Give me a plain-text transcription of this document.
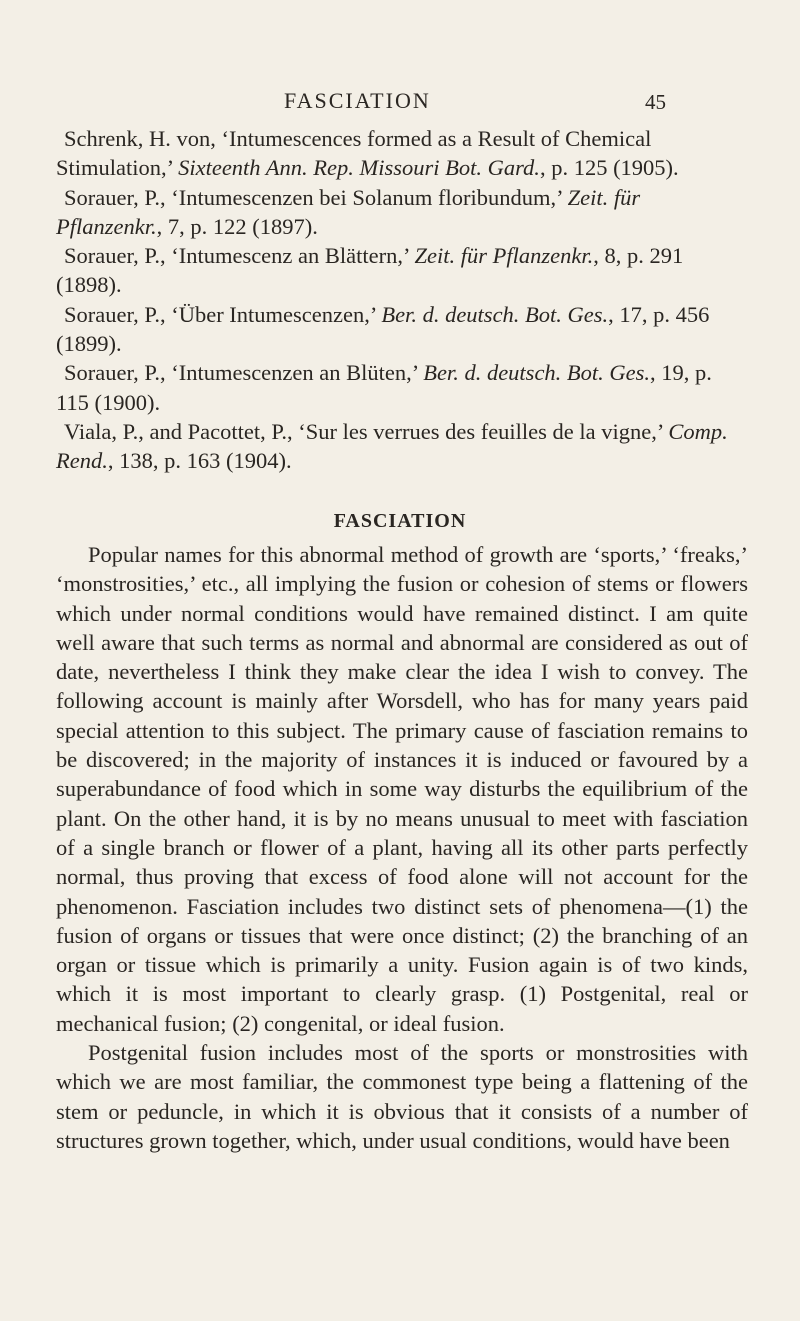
FASCIATION	45

Schrenk, H. von, ‘Intumescences formed as a Result of Chemical Stimulation,’ Sixteenth Ann. Rep. Missouri Bot. Gard., p. 125 (1905).

Sorauer, P., ‘Intumescenzen bei Solanum floribundum,’ Zeit. für Pflanzenkr., 7, p. 122 (1897).

Sorauer, P., ‘Intumescenz an Blättern,’ Zeit. für Pflanzenkr., 8, p. 291 (1898).

Sorauer, P., ‘Über Intumescenzen,’ Ber. d. deutsch. Bot. Ges., 17, p. 456 (1899).

Sorauer, P., ‘Intumescenzen an Blüten,’ Ber. d. deutsch. Bot. Ges., 19, p. 115 (1900).

Viala, P., and Pacottet, P., ‘Sur les verrues des feuilles de la vigne,’ Comp. Rend., 138, p. 163 (1904).

FASCIATION

Popular names for this abnormal method of growth are ‘sports,’ ‘freaks,’ ‘monstrosities,’ etc., all implying the fusion or cohesion of stems or flowers which under normal conditions would have remained distinct. I am quite well aware that such terms as normal and abnormal are considered as out of date, nevertheless I think they make clear the idea I wish to convey. The following account is mainly after Worsdell, who has for many years paid special attention to this subject. The primary cause of fasciation remains to be discovered; in the majority of instances it is induced or favoured by a superabundance of food which in some way disturbs the equilibrium of the plant. On the other hand, it is by no means unusual to meet with fasciation of a single branch or flower of a plant, having all its other parts perfectly normal, thus proving that excess of food alone will not account for the phenomenon. Fasciation includes two distinct sets of phenomena—(1) the fusion of organs or tissues that were once distinct; (2) the branching of an organ or tissue which is primarily a unity. Fusion again is of two kinds, which it is most important to clearly grasp. (1) Postgenital, real or mechanical fusion; (2) congenital, or ideal fusion.

Postgenital fusion includes most of the sports or monstrosities with which we are most familiar, the commonest type being a flattening of the stem or peduncle, in which it is obvious that it consists of a number of structures grown together, which, under usual conditions, would have been
